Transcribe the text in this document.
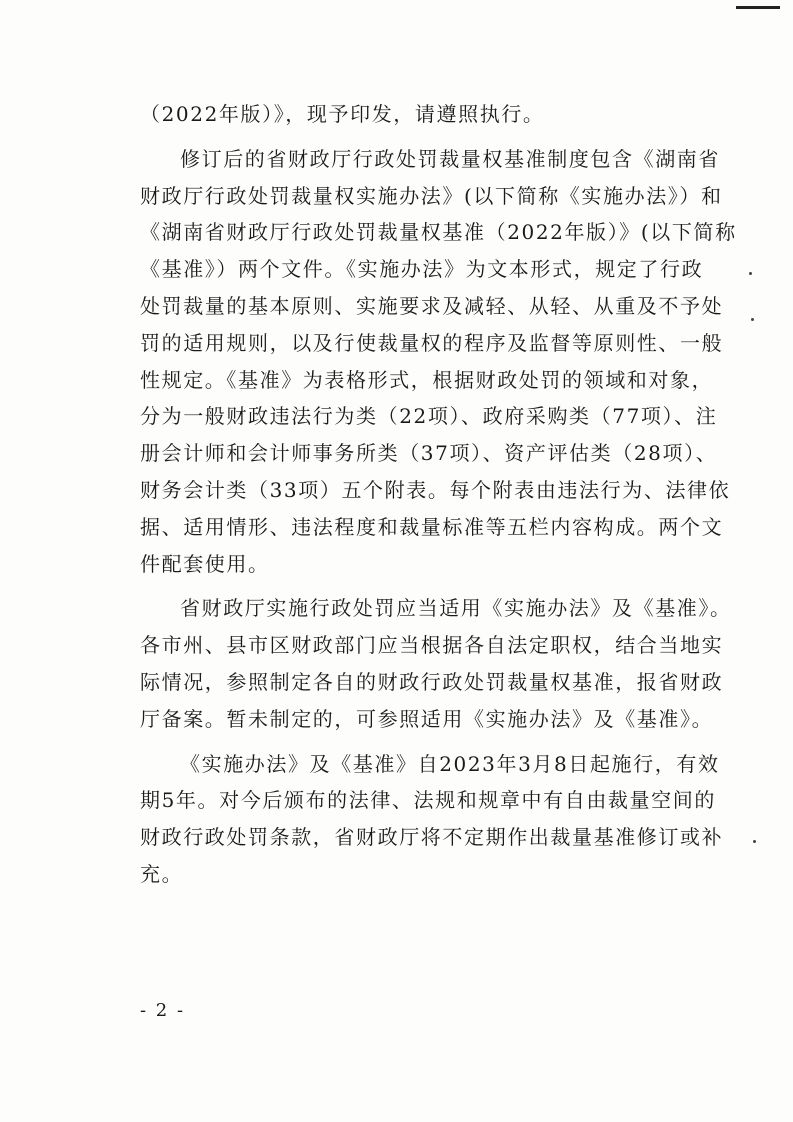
（2022年版）》，现予印发，请遵照执行。
修订后的省财政厅行政处罚裁量权基准制度包含《湖南省
财政厅行政处罚裁量权实施办法》(以下简称《实施办法》）和
《湖南省财政厅行政处罚裁量权基准（2022年版）》(以下简称
《基准》）两个文件。《实施办法》为文本形式，规定了行政
处罚裁量的基本原则、实施要求及减轻、从轻、从重及不予处
罚的适用规则，以及行使裁量权的程序及监督等原则性、一般
性规定。《基准》为表格形式，根据财政处罚的领域和对象，
分为一般财政违法行为类（22项）、政府采购类（77项）、注
册会计师和会计师事务所类（37项）、资产评估类（28项）、
财务会计类（33项）五个附表。每个附表由违法行为、法律依
据、适用情形、违法程度和裁量标准等五栏内容构成。两个文
件配套使用。
省财政厅实施行政处罚应当适用《实施办法》及《基准》。
各市州、县市区财政部门应当根据各自法定职权，结合当地实
际情况，参照制定各自的财政行政处罚裁量权基准，报省财政
厅备案。暂未制定的，可参照适用《实施办法》及《基准》。
《实施办法》及《基准》自2023年3月8日起施行，有效
期5年。对今后颁布的法律、法规和规章中有自由裁量空间的
财政行政处罚条款，省财政厅将不定期作出裁量基准修订或补
充。
- 2 -
